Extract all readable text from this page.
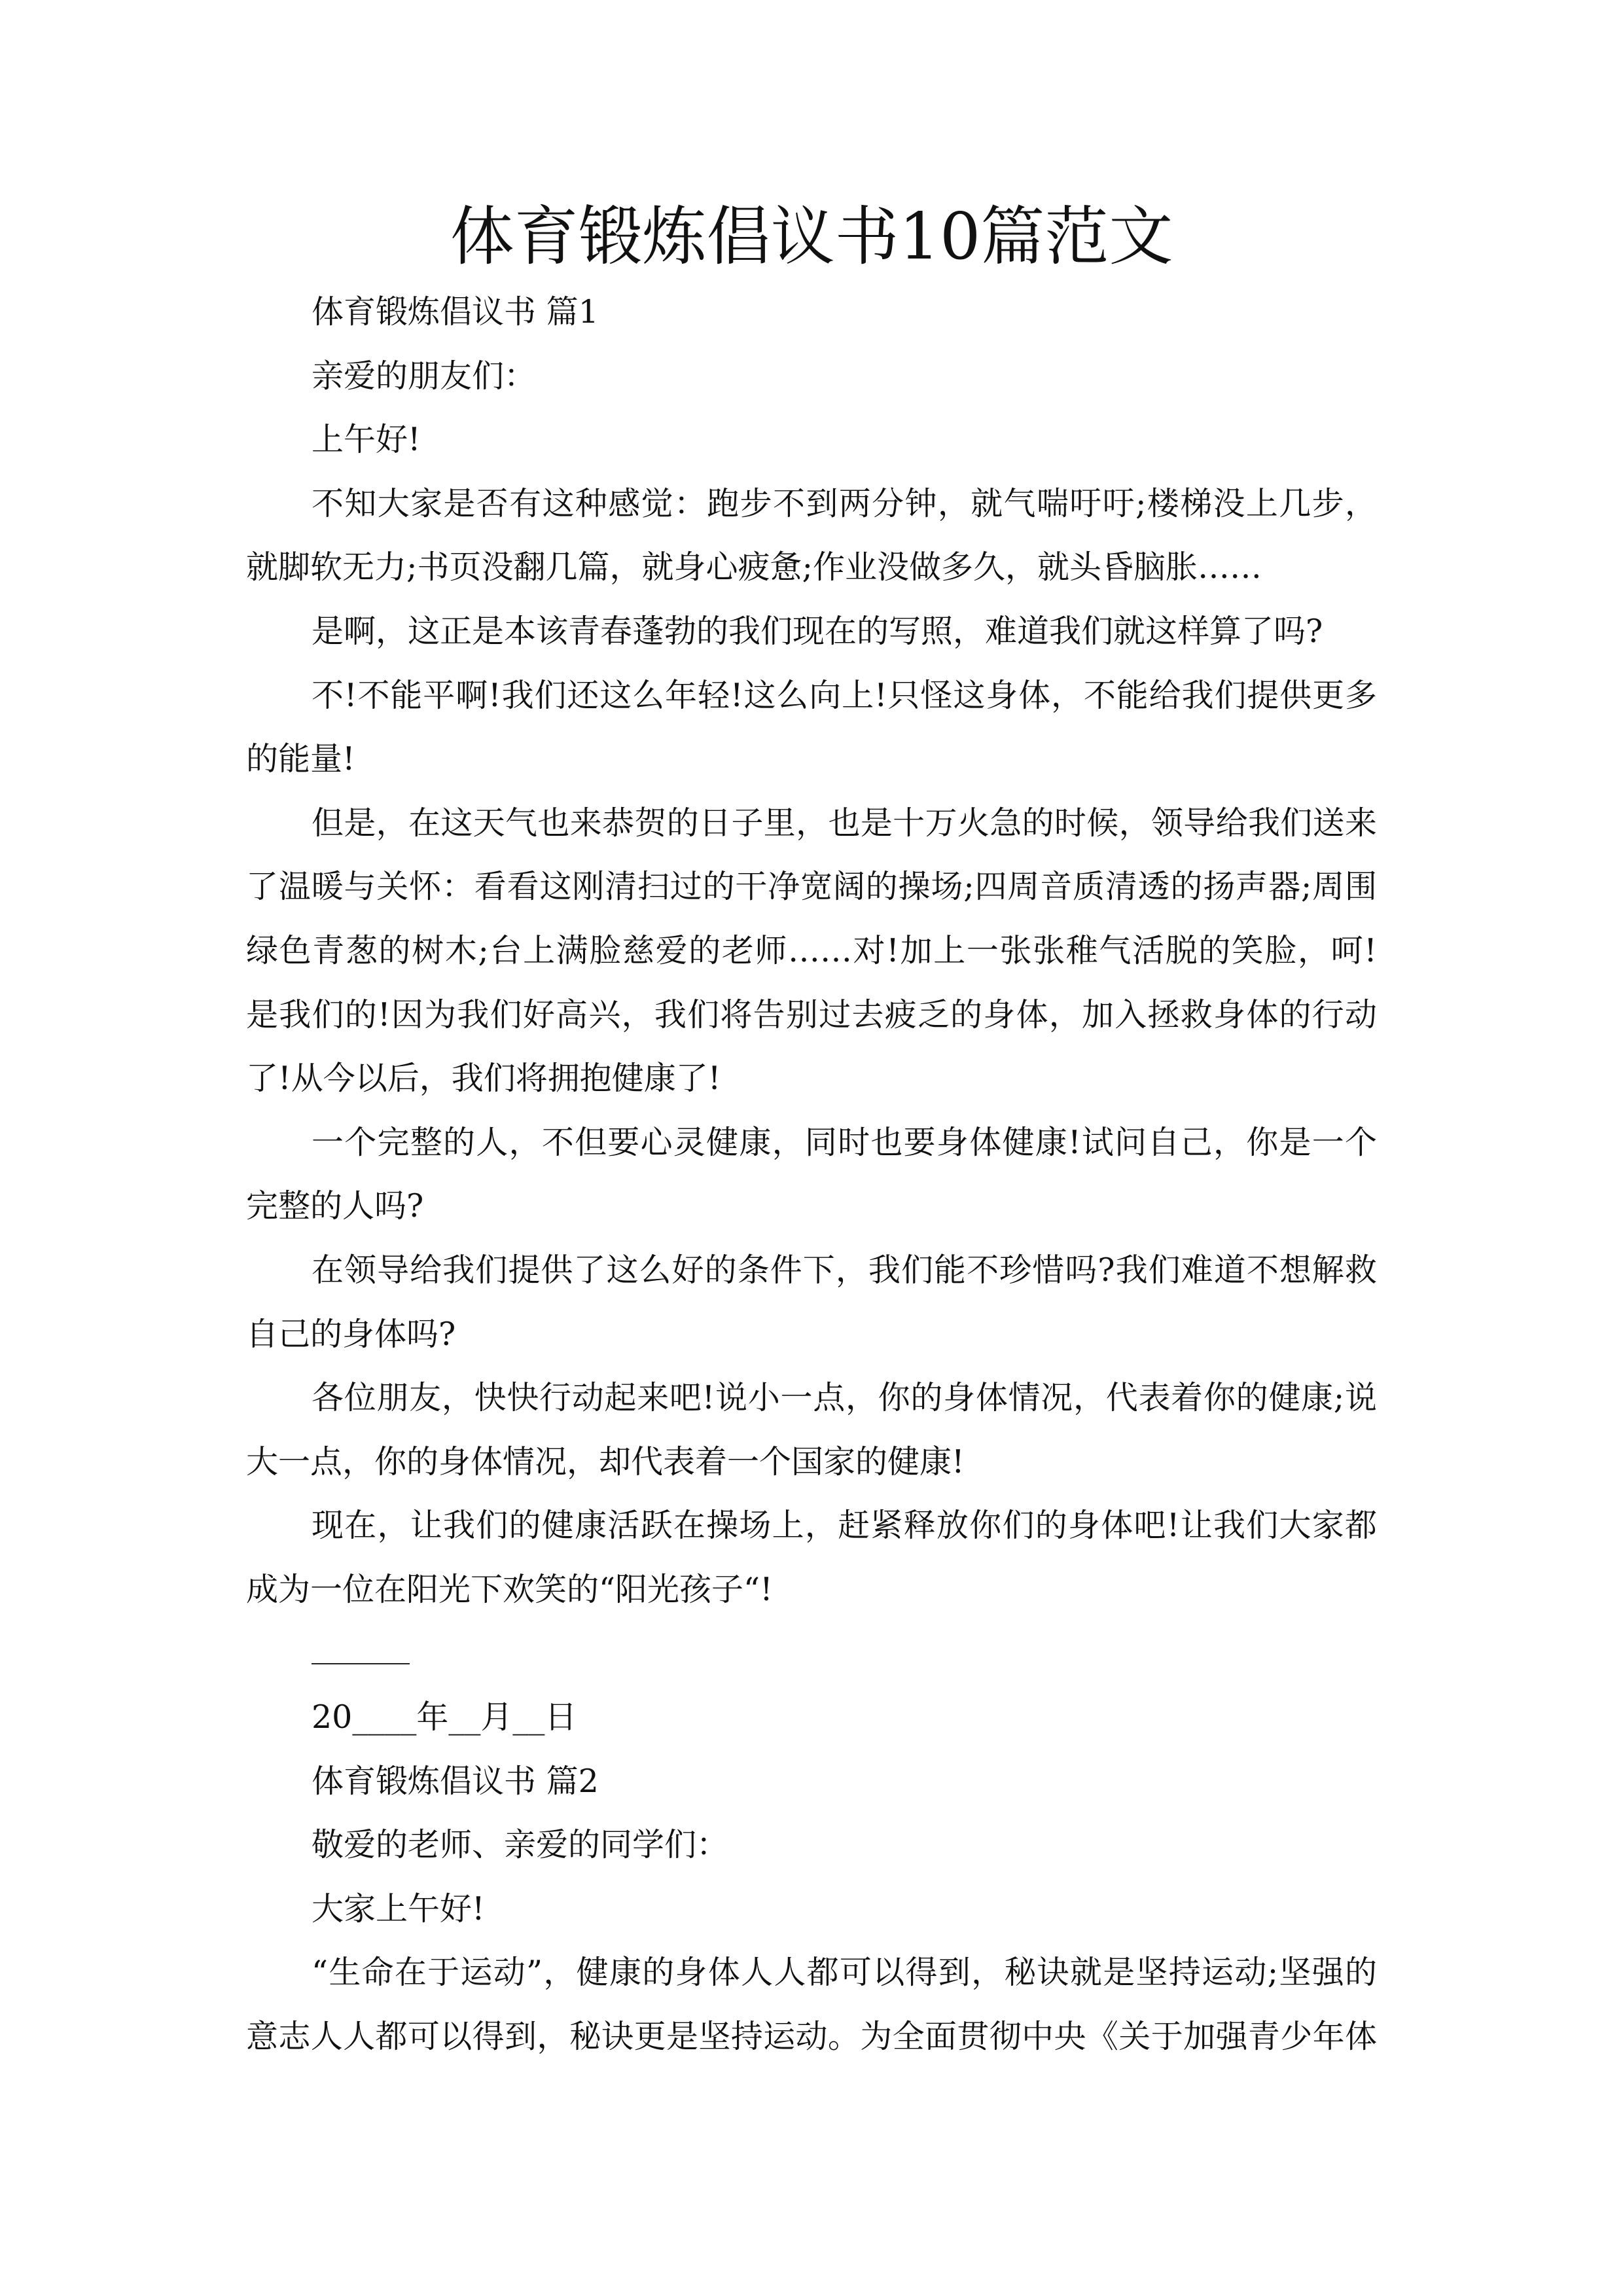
体育锻炼倡议书10篇范文
体育锻炼倡议书 篇1
亲爱的朋友们：
上午好!
不知大家是否有这种感觉：跑步不到两分钟，就气喘吁吁;楼梯没上几步，
就脚软无力;书页没翻几篇，就身心疲惫;作业没做多久，就头昏脑胀……
是啊，这正是本该青春蓬勃的我们现在的写照，难道我们就这样算了吗?
不!不能平啊!我们还这么年轻!这么向上!只怪这身体，不能给我们提供更多
的能量!
但是，在这天气也来恭贺的日子里，也是十万火急的时候，领导给我们送来
了温暖与关怀：看看这刚清扫过的干净宽阔的操场;四周音质清透的扬声器;周围
绿色青葱的树木;台上满脸慈爱的老师……对!加上一张张稚气活脱的笑脸，呵!
是我们的!因为我们好高兴，我们将告别过去疲乏的身体，加入拯救身体的行动
了!从今以后，我们将拥抱健康了!
一个完整的人，不但要心灵健康，同时也要身体健康!试问自己，你是一个
完整的人吗?
在领导给我们提供了这么好的条件下，我们能不珍惜吗?我们难道不想解救
自己的身体吗?
各位朋友，快快行动起来吧!说小一点，你的身体情况，代表着你的健康;说
大一点，你的身体情况，却代表着一个国家的健康!
现在，让我们的健康活跃在操场上，赶紧释放你们的身体吧!让我们大家都
成为一位在阳光下欢笑的“阳光孩子“!
20____年__月__日
体育锻炼倡议书 篇2
敬爱的老师、亲爱的同学们：
大家上午好!
“生命在于运动”，健康的身体人人都可以得到，秘诀就是坚持运动;坚强的
意志人人都可以得到，秘诀更是坚持运动。为全面贯彻中央《关于加强青少年体
